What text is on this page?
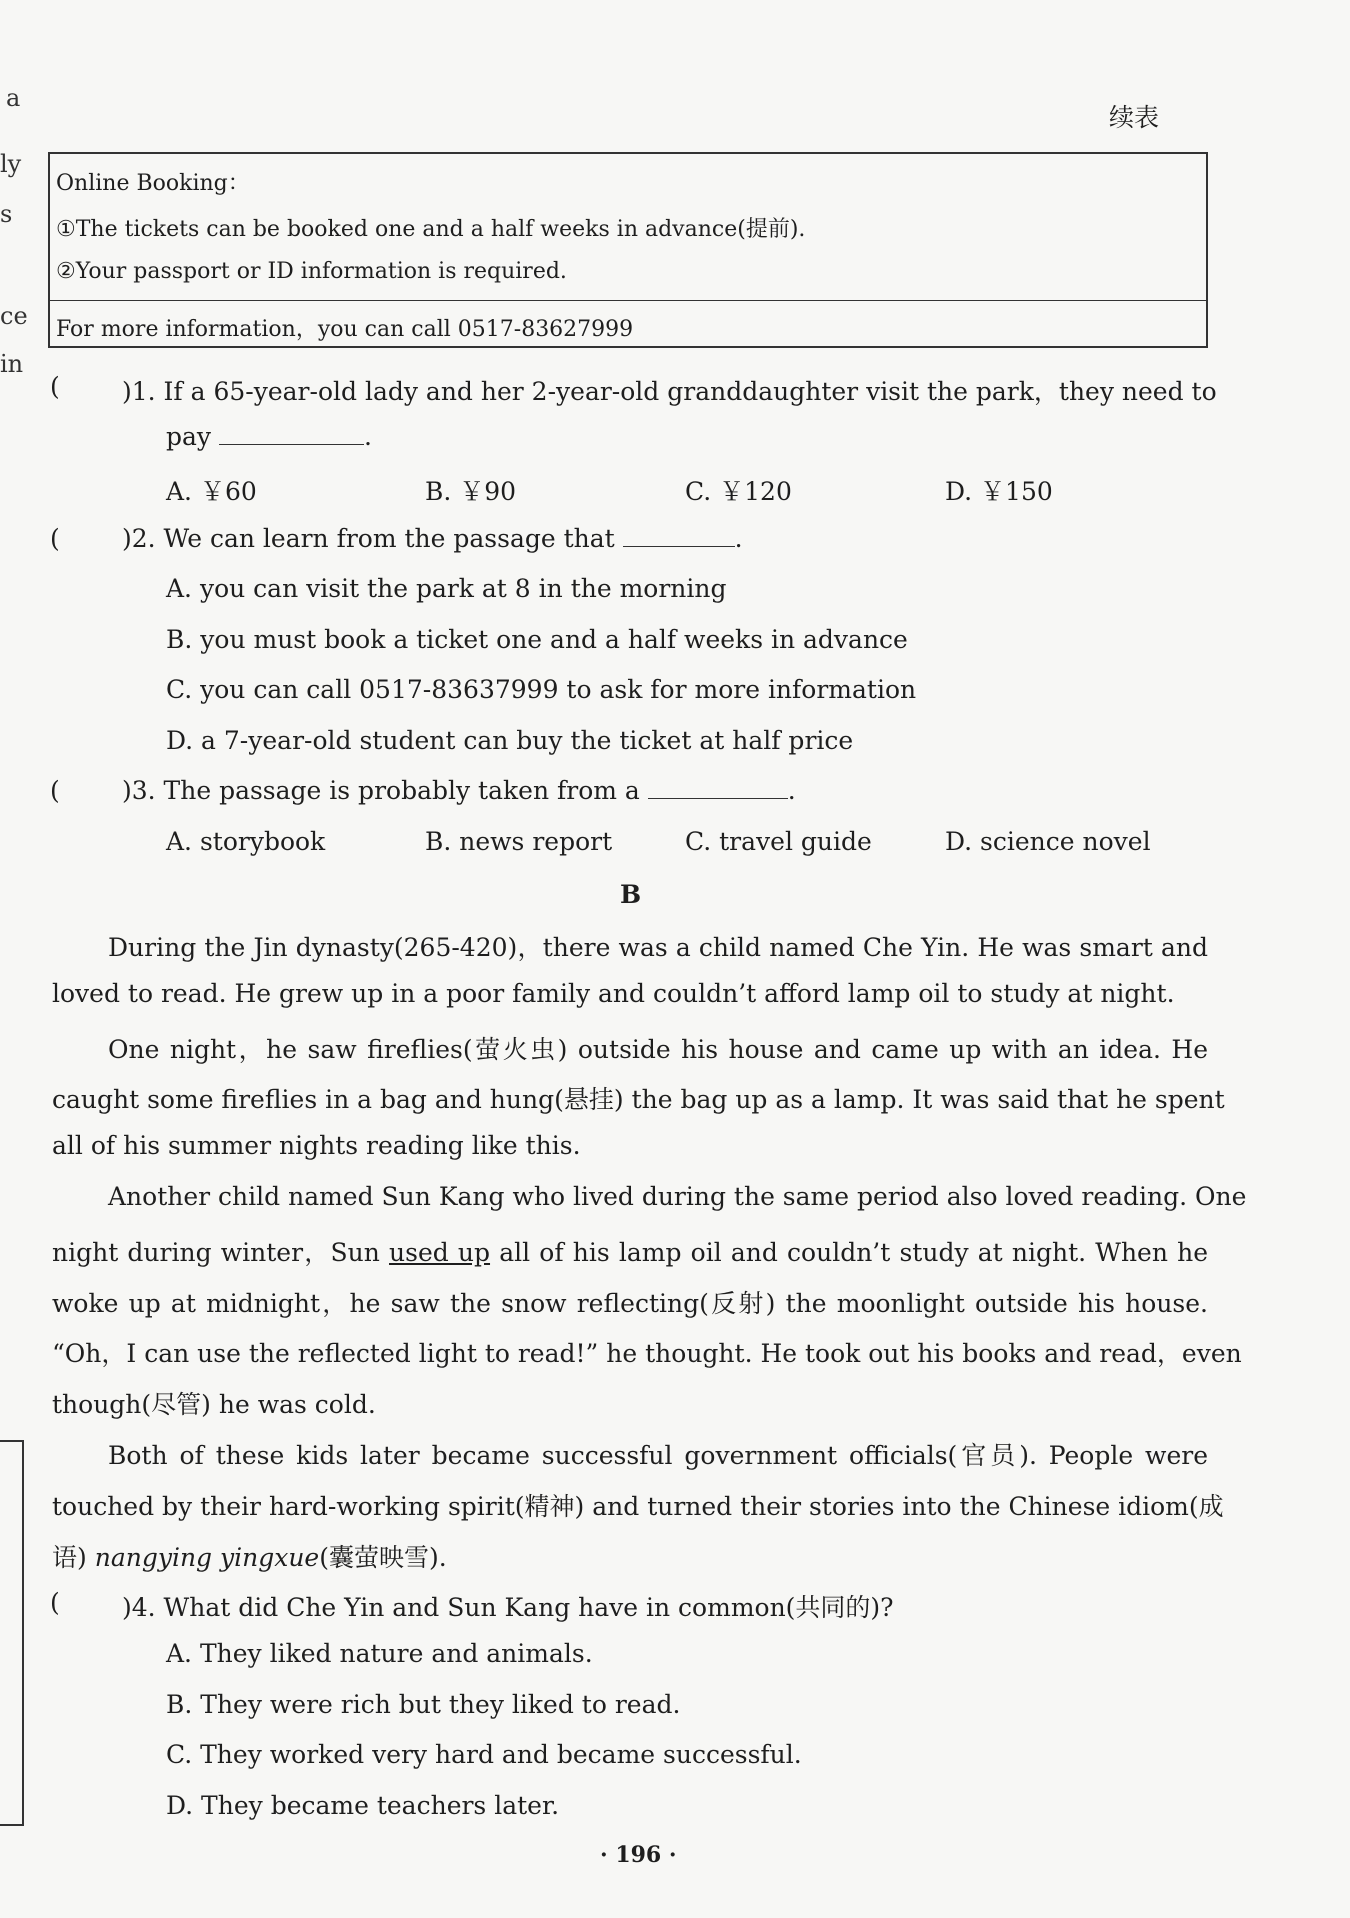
a
ly
s
ce
in
续表
Online Booking：
①The tickets can be booked one and a half weeks in advance(提前).
②Your passport or ID information is required.
For more information，you can call 0517-83627999
( )1. If a 65-year-old lady and her 2-year-old granddaughter visit the park，they need to
pay	.
A. ￥60	B. ￥90	C. ￥120	D. ￥150
( )2. We can learn from the passage that	.
A. you can visit the park at 8 in the morning
B. you must book a ticket one and a half weeks in advance
C. you can call 0517-83637999 to ask for more information
D. a 7-year-old student can buy the ticket at half price
( )3. The passage is probably taken from a	.
A. storybook	B. news report	C. travel guide	D. science novel
B
During the Jin dynasty(265-420)，there was a child named Che Yin. He was smart and
loved to read. He grew up in a poor family and couldn’t afford lamp oil to study at night.
One night，he saw fireflies(萤火虫) outside his house and came up with an idea. He
caught some fireflies in a bag and hung(悬挂) the bag up as a lamp. It was said that he spent
all of his summer nights reading like this.
Another child named Sun Kang who lived during the same period also loved reading. One
night during winter，Sun used up all of his lamp oil and couldn’t study at night. When he
woke up at midnight，he saw the snow reflecting(反射) the moonlight outside his house.
“Oh，I can use the reflected light to read!” he thought. He took out his books and read，even
though(尽管) he was cold.
Both of these kids later became successful government officials(官员). People were
touched by their hard-working spirit(精神) and turned their stories into the Chinese idiom(成
语) nangying yingxue(囊萤映雪).
( )4. What did Che Yin and Sun Kang have in common(共同的)?
A. They liked nature and animals.
B. They were rich but they liked to read.
C. They worked very hard and became successful.
D. They became teachers later.
· 196 ·
